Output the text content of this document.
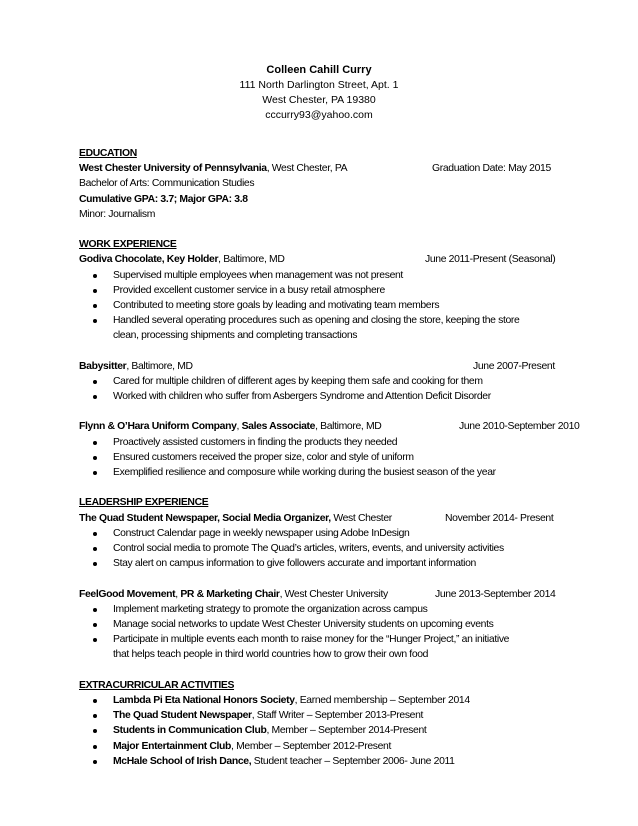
Colleen Cahill Curry
111 North Darlington Street, Apt. 1
West Chester, PA 19380
cccurry93@yahoo.com
EDUCATION
West Chester University of Pennsylvania, West Chester, PA	Graduation Date: May 2015
Bachelor of Arts: Communication Studies
Cumulative GPA: 3.7; Major GPA: 3.8
Minor: Journalism
WORK EXPERIENCE
Godiva Chocolate, Key Holder, Baltimore, MD	June 2011-Present (Seasonal)
Supervised multiple employees when management was not present
Provided excellent customer service in a busy retail atmosphere
Contributed to meeting store goals by leading and motivating team members
Handled several operating procedures such as opening and closing the store, keeping the store
clean, processing shipments and completing transactions
Babysitter, Baltimore, MD	June 2007-Present
Cared for multiple children of different ages by keeping them safe and cooking for them
Worked with children who suffer from Asbergers Syndrome and Attention Deficit Disorder
Flynn & O’Hara Uniform Company, Sales Associate, Baltimore, MD	June 2010-September 2010
Proactively assisted customers in finding the products they needed
Ensured customers received the proper size, color and style of uniform
Exemplified resilience and composure while working during the busiest season of the year
LEADERSHIP EXPERIENCE
The Quad Student Newspaper, Social Media Organizer, West Chester	November 2014- Present
Construct Calendar page in weekly newspaper using Adobe InDesign
Control social media to promote The Quad’s articles, writers, events, and university activities
Stay alert on campus information to give followers accurate and important information
FeelGood Movement, PR & Marketing Chair, West Chester University	June 2013-September 2014
Implement marketing strategy to promote the organization across campus
Manage social networks to update West Chester University students on upcoming events
Participate in multiple events each month to raise money for the “Hunger Project,” an initiative
that helps teach people in third world countries how to grow their own food
EXTRACURRICULAR ACTIVITIES
Lambda Pi Eta National Honors Society, Earned membership – September 2014
The Quad Student Newspaper, Staff Writer – September 2013-Present
Students in Communication Club, Member – September 2014-Present
Major Entertainment Club, Member – September 2012-Present
McHale School of Irish Dance, Student teacher – September 2006- June 2011
